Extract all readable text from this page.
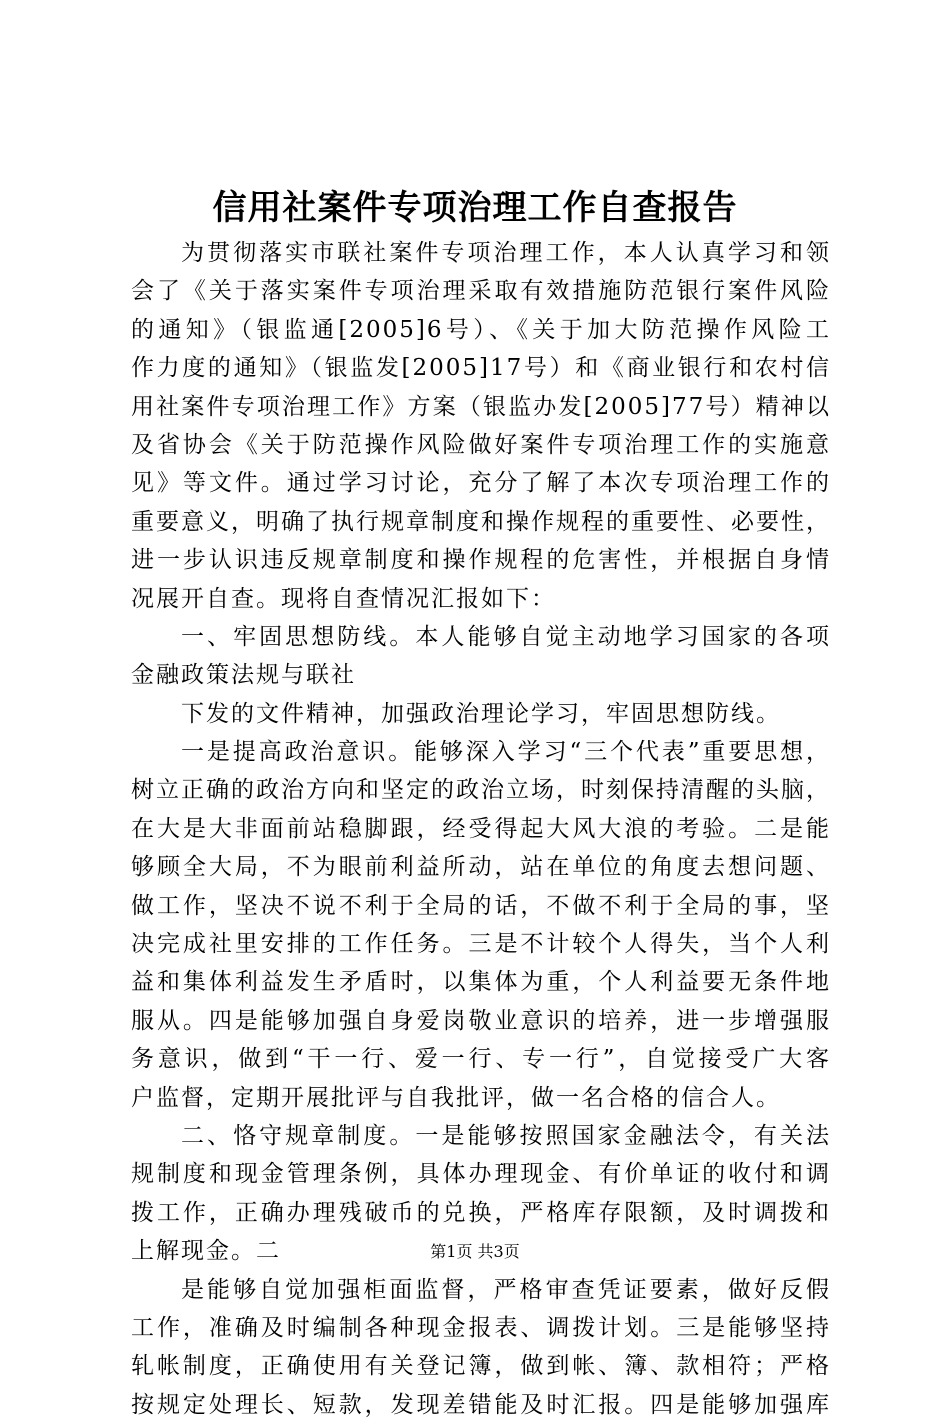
信用社案件专项治理工作自查报告
为贯彻落实市联社案件专项治理工作，本人认真学习和领
会了《关于落实案件专项治理采取有效措施防范银行案件风险
的通知》（银监通[2005]6号）、《关于加大防范操作风险工
作力度的通知》（银监发[2005]17号）和《商业银行和农村信
用社案件专项治理工作》方案（银监办发[2005]77号）精神以
及省协会《关于防范操作风险做好案件专项治理工作的实施意
见》等文件。通过学习讨论，充分了解了本次专项治理工作的
重要意义，明确了执行规章制度和操作规程的重要性、必要性，
进一步认识违反规章制度和操作规程的危害性，并根据自身情
况展开自查。现将自查情况汇报如下：
一、牢固思想防线。本人能够自觉主动地学习国家的各项
金融政策法规与联社
下发的文件精神，加强政治理论学习，牢固思想防线。
一是提高政治意识。能够深入学习“三个代表”重要思想，
树立正确的政治方向和坚定的政治立场，时刻保持清醒的头脑，
在大是大非面前站稳脚跟，经受得起大风大浪的考验。二是能
够顾全大局，不为眼前利益所动，站在单位的角度去想问题、
做工作，坚决不说不利于全局的话，不做不利于全局的事，坚
决完成社里安排的工作任务。三是不计较个人得失，当个人利
益和集体利益发生矛盾时，以集体为重，个人利益要无条件地
服从。四是能够加强自身爱岗敬业意识的培养，进一步增强服
务意识，做到“干一行、爱一行、专一行”，自觉接受广大客
户监督，定期开展批评与自我批评，做一名合格的信合人。
二、恪守规章制度。一是能够按照国家金融法令，有关法
规制度和现金管理条例，具体办理现金、有价单证的收付和调
拨工作，正确办理残破币的兑换，严格库存限额，及时调拨和
上解现金。二
是能够自觉加强柜面监督，严格审查凭证要素，做好反假
工作，准确及时编制各种现金报表、调拨计划。三是能够坚持
轧帐制度，正确使用有关登记簿，做到帐、簿、款相符；严格
按规定处理长、短款，发现差错能及时汇报。四是能够加强库
第1页 共3页
